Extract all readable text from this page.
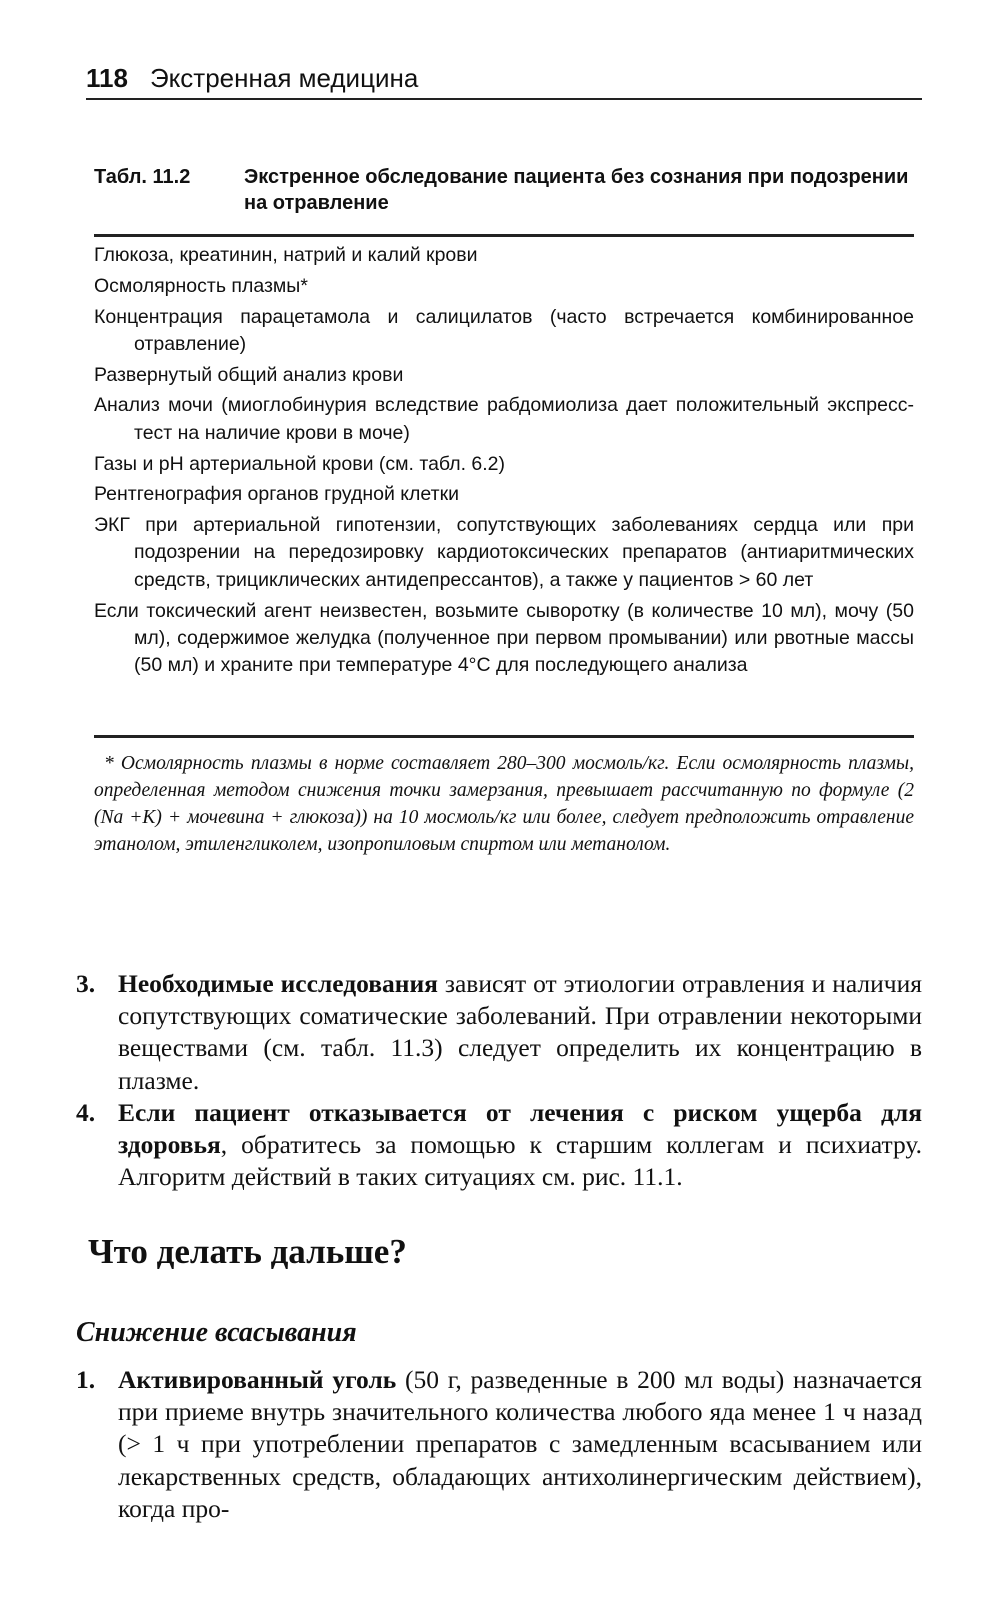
118 Экстренная медицина
Табл. 11.2	Экстренное обследование пациента без сознания при подозрении на отравление
Глюкоза, креатинин, натрий и калий крови
Осмолярность плазмы*
Концентрация парацетамола и салицилатов (часто встречается комбинированное отравление)
Развернутый общий анализ крови
Анализ мочи (миоглобинурия вследствие рабдомиолиза дает положительный экспресс-тест на наличие крови в моче)
Газы и pH артериальной крови (см. табл. 6.2)
Рентгенография органов грудной клетки
ЭКГ при артериальной гипотензии, сопутствующих заболеваниях сердца или при подозрении на передозировку кардиотоксических препаратов (антиаритмических средств, трициклических антидепрессантов), а также у пациентов > 60 лет
Если токсический агент неизвестен, возьмите сыворотку (в количестве 10 мл), мочу (50 мл), содержимое желудка (полученное при первом промывании) или рвотные массы (50 мл) и храните при температуре 4°С для последующего анализа
* Осмолярность плазмы в норме составляет 280–300 мосмоль/кг. Если осмолярность плазмы, определенная методом снижения точки замерзания, превышает рассчитанную по формуле (2 (Na +K) + мочевина + глюкоза)) на 10 мосмоль/кг или более, следует предположить отравление этанолом, этиленгликолем, изопропиловым спиртом или метанолом.
3. Необходимые исследования зависят от этиологии отравления и наличия сопутствующих соматические заболеваний. При отравлении некоторыми веществами (см. табл. 11.3) следует определить их концентрацию в плазме.
4. Если пациент отказывается от лечения с риском ущерба для здоровья, обратитесь за помощью к старшим коллегам и психиатру. Алгоритм действий в таких ситуациях см. рис. 11.1.
Что делать дальше?
Снижение всасывания
1. Активированный уголь (50 г, разведенные в 200 мл воды) назначается при приеме внутрь значительного количества любого яда менее 1 ч назад (> 1 ч при употреблении препаратов с замедленным всасыванием или лекарственных средств, обладающих антихолинергическим действием), когда про-
